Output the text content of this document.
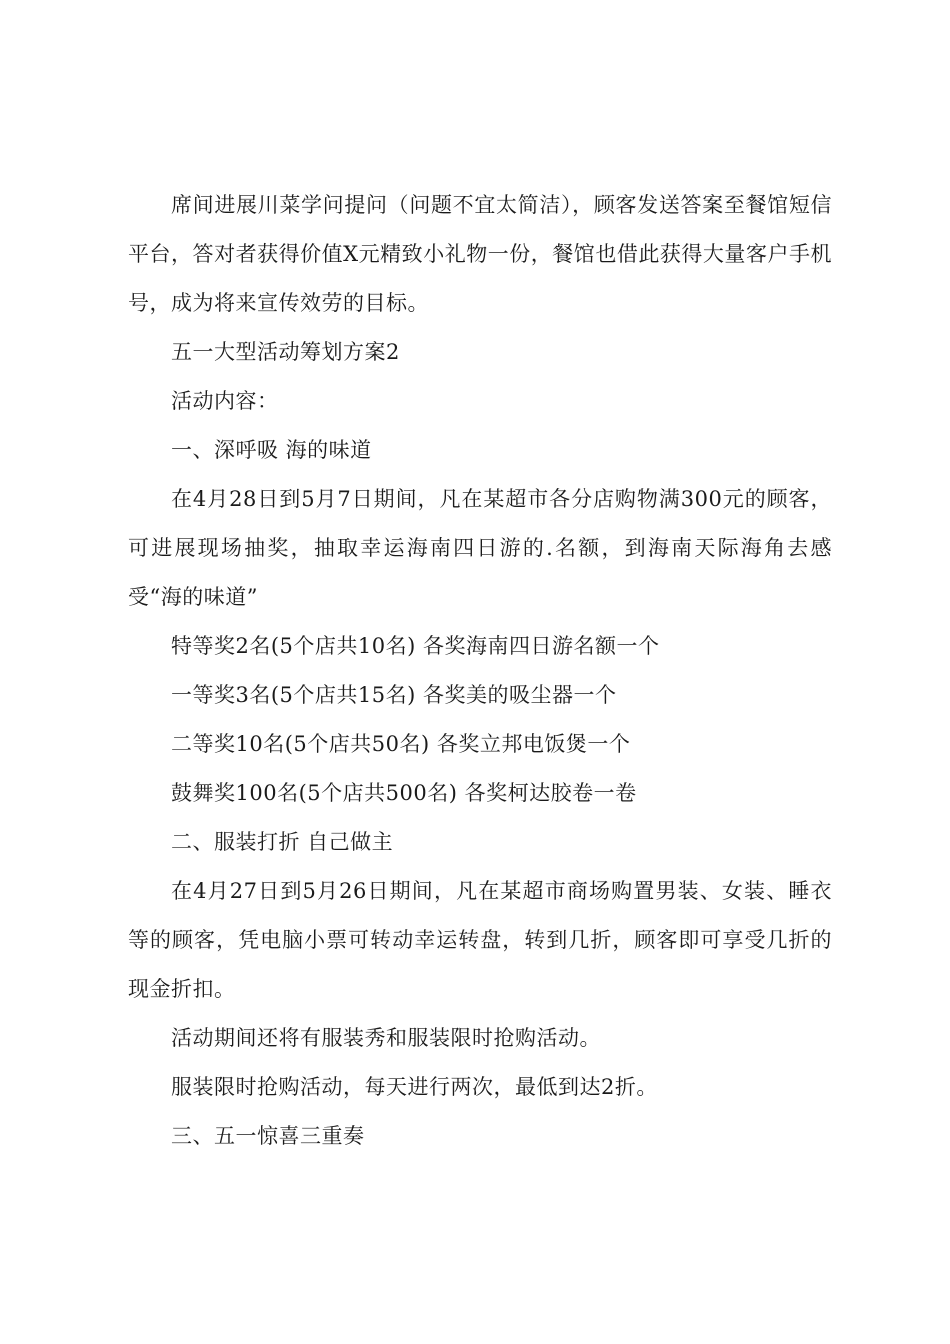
席间进展川菜学问提问（问题不宜太简洁），顾客发送答案至餐馆短信平台，答对者获得价值X元精致小礼物一份，餐馆也借此获得大量客户手机号，成为将来宣传效劳的目标。

五一大型活动筹划方案2

活动内容：

一、深呼吸 海的味道

在4月28日到5月7日期间，凡在某超市各分店购物满300元的顾客，可进展现场抽奖，抽取幸运海南四日游的.名额，到海南天际海角去感受“海的味道”

特等奖2名(5个店共10名) 各奖海南四日游名额一个

一等奖3名(5个店共15名) 各奖美的吸尘器一个

二等奖10名(5个店共50名) 各奖立邦电饭煲一个

鼓舞奖100名(5个店共500名) 各奖柯达胶卷一卷

二、服装打折 自己做主

在4月27日到5月26日期间，凡在某超市商场购置男装、女装、睡衣等的顾客，凭电脑小票可转动幸运转盘，转到几折，顾客即可享受几折的现金折扣。

活动期间还将有服装秀和服装限时抢购活动。

服装限时抢购活动，每天进行两次，最低到达2折。

三、五一惊喜三重奏
